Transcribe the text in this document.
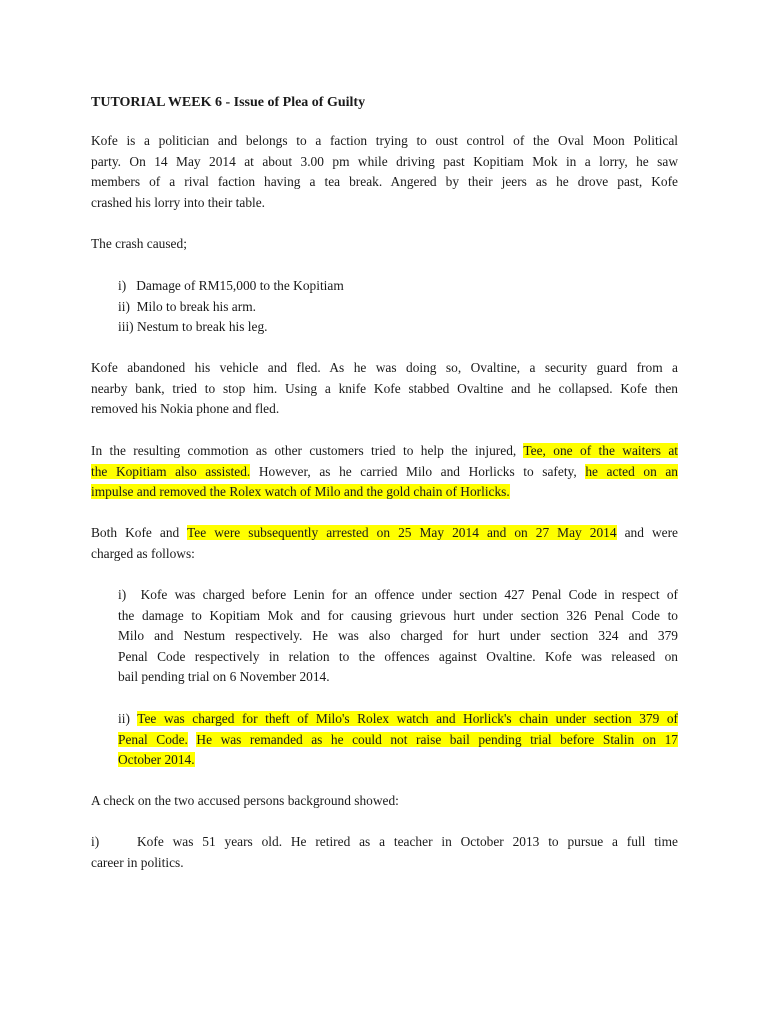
TUTORIAL WEEK 6 - Issue of Plea of Guilty

Kofe is a politician and belongs to a faction trying to oust control of the Oval Moon Political
party. On 14 May 2014 at about 3.00 pm while driving past Kopitiam Mok in a lorry, he saw
members of a rival faction having a tea break. Angered by their jeers as he drove past, Kofe
crashed his lorry into their table.

The crash caused;

i)   Damage of RM15,000 to the Kopitiam
ii)  Milo to break his arm.
iii) Nestum to break his leg.

Kofe abandoned his vehicle and fled. As he was doing so, Ovaltine, a security guard from a
nearby bank, tried to stop him. Using a knife Kofe stabbed Ovaltine and he collapsed. Kofe then
removed his Nokia phone and fled.

In the resulting commotion as other customers tried to help the injured, Tee, one of the waiters at
the Kopitiam also assisted. However, as he carried Milo and Horlicks to safety, he acted on an
impulse and removed the Rolex watch of Milo and the gold chain of Horlicks.

Both Kofe and Tee were subsequently arrested on 25 May 2014 and on 27 May 2014 and were
charged as follows:

i)  Kofe was charged before Lenin for an offence under section 427 Penal Code in respect of
the damage to Kopitiam Mok and for causing grievous hurt under section 326 Penal Code to
Milo and Nestum respectively. He was also charged for hurt under section 324 and 379
Penal Code respectively in relation to the offences against Ovaltine. Kofe was released on
bail pending trial on 6 November 2014.

ii) Tee was charged for theft of Milo's Rolex watch and Horlick's chain under section 379 of
Penal Code. He was remanded as he could not raise bail pending trial before Stalin on 17
October 2014.

A check on the two accused persons background showed:

i)	Kofe was 51 years old. He retired as a teacher in October 2013 to pursue a full time
career in politics.
